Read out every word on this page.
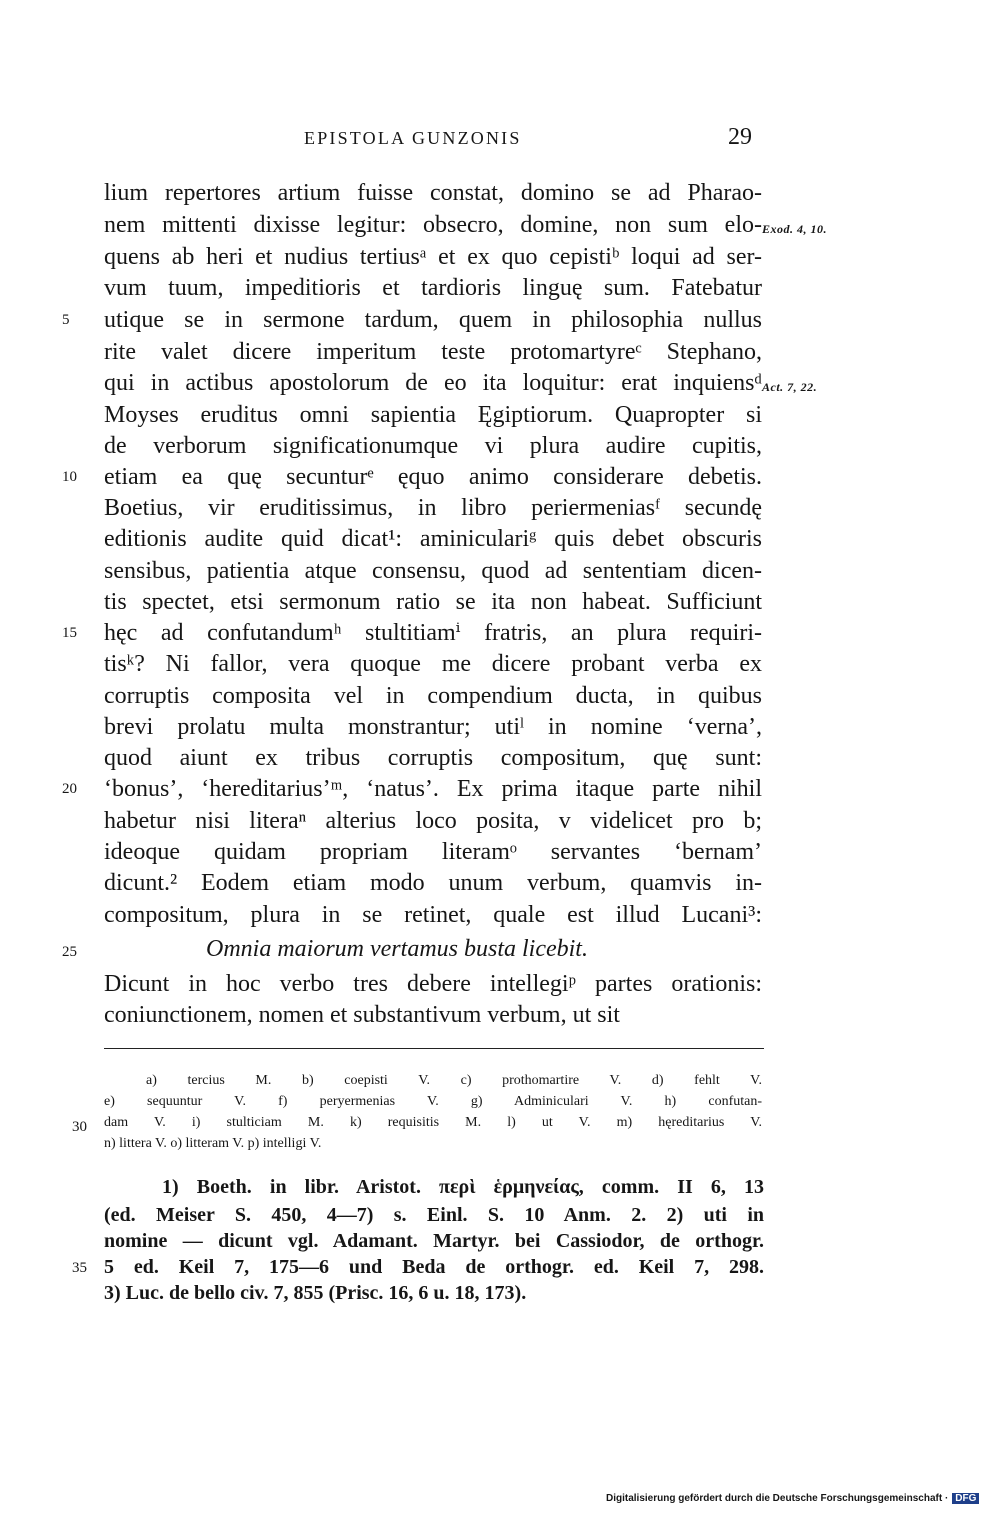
EPISTOLA GUNZONIS	29
lium repertores artium fuisse constat, domino se ad Pharao-
nem mittenti dixisse legitur: obsecro, domine, non sum elo-
quens ab heri et nudius tertiusᵃ et ex quo cepistiᵇ loqui ad ser-
vum tuum, impeditioris et tardioris linguę sum. Fatebatur
utique se in sermone tardum, quem in philosophia nullus
rite valet dicere imperitum teste protomartyreᶜ Stephano,
qui in actibus apostolorum de eo ita loquitur: erat inquiensᵈ
Moyses eruditus omni sapientia Ęgiptiorum. Quapropter si
de verborum significationumque vi plura audire cupitis,
etiam ea quę secunturᵉ ęquo animo considerare debetis.
Boetius, vir eruditissimus, in libro periermeniasᶠ secundę
editionis audite quid dicat¹: aminiculariᵍ quis debet obscuris
sensibus, patientia atque consensu, quod ad sententiam dicen-
tis spectet, etsi sermonum ratio se ita non habeat. Sufficiunt
hęc ad confutandumʰ stultitiamⁱ fratris, an plura requiri-
tisᵏ? Ni fallor, vera quoque me dicere probant verba ex
corruptis composita vel in compendium ducta, in quibus
brevi prolatu multa monstrantur; utiˡ in nomine ‘verna’,
quod aiunt ex tribus corruptis compositum, quę sunt:
‘bonus’, ‘hereditarius’ᵐ, ‘natus’. Ex prima itaque parte nihil
habetur nisi literaⁿ alterius loco posita, v videlicet pro b;
ideoque quidam propriam literamᵒ servantes ‘bernam’
dicunt.² Eodem etiam modo unum verbum, quamvis in-
compositum, plura in se retinet, quale est illud Lucani³:
Omnia maiorum vertamus busta licebit.
Dicunt in hoc verbo tres debere intellegiᵖ partes orationis:
coniunctionem, nomen et substantivum verbum, ut sit
5
10
15
20
25
Exod. 4, 10.
Act. 7, 22.
a) tercius M. b) coepisti V. c) prothomartire V. d) fehlt V.
e) sequuntur V. f) peryermenias V. g) Adminiculari V. h) confutan-
dam V. i) stulticiam M. k) requisitis M. l) ut V. m) hęreditarius V.
n) littera V. o) litteram V. p) intelligi V.
30
1) Boeth. in libr. Aristot. περὶ ἑρμηνείας, comm. II 6, 13
(ed. Meiser S. 450, 4—7) s. Einl. S. 10 Anm. 2. 2) uti in
nomine — dicunt vgl. Adamant. Martyr. bei Cassiodor, de orthogr.
5 ed. Keil 7, 175—6 und Beda de orthogr. ed. Keil 7, 298.
3) Luc. de bello civ. 7, 855 (Prisc. 16, 6 u. 18, 173).
35
Digitalisierung gefördert durch die Deutsche Forschungsgemeinschaft · DFG
